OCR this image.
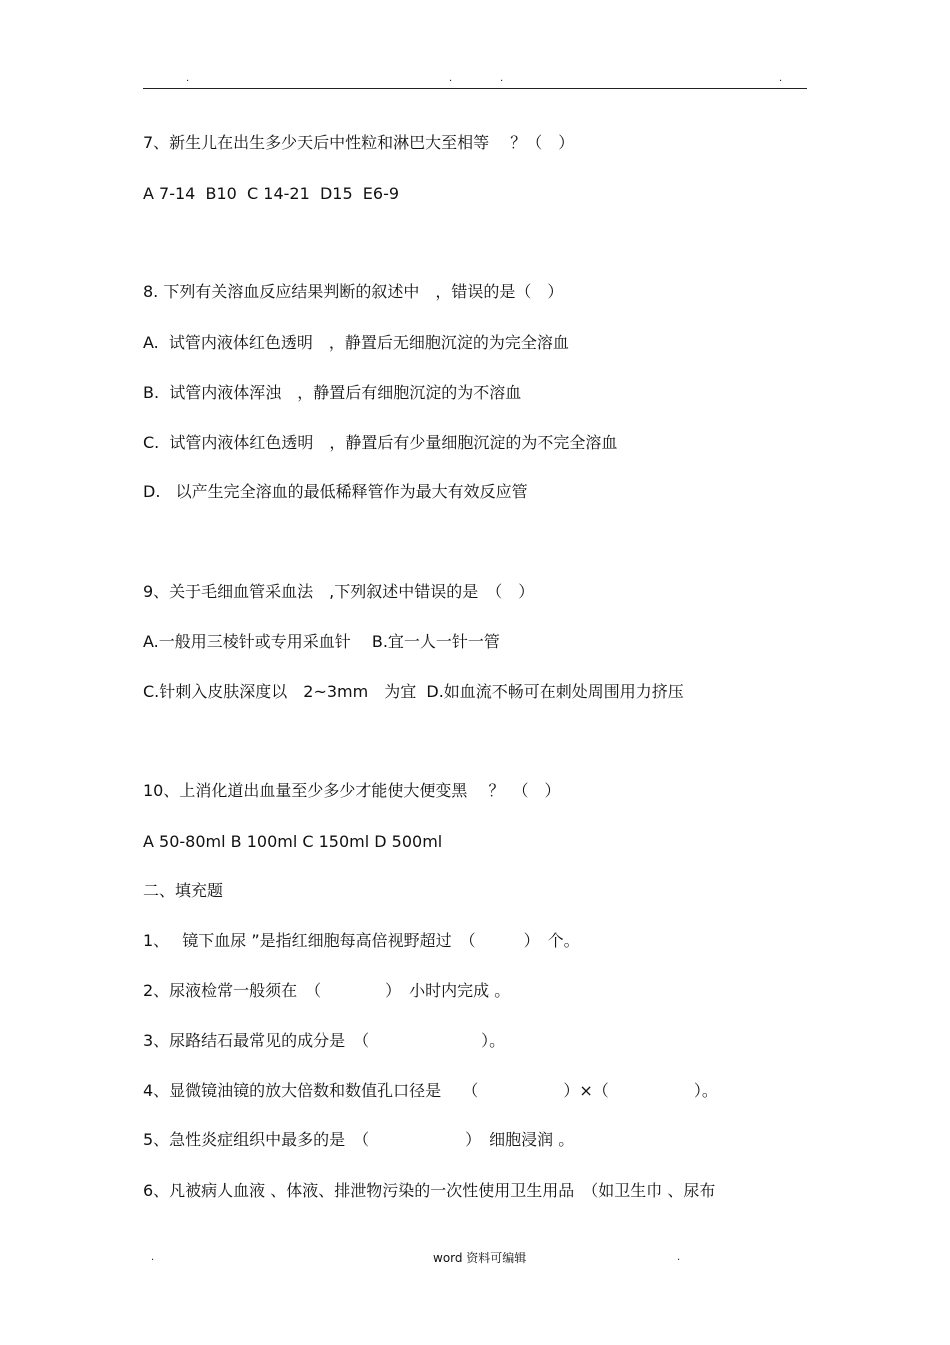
.	.	.	.
7、新生儿在出生多少天后中性粒和淋巴大至相等　 ？（　）
A 7-14  B10  C 14-21  D15  E6-9
8. 下列有关溶血反应结果判断的叙述中　，错误的是（　）
A.  试管内液体红色透明　，静置后无细胞沉淀的为完全溶血
B.  试管内液体浑浊　，静置后有细胞沉淀的为不溶血
C.  试管内液体红色透明　，静置后有少量细胞沉淀的为不完全溶血
D.   以产生完全溶血的最低稀释管作为最大有效反应管
9、关于毛细血管采血法　,下列叙述中错误的是　（　）
A.一般用三棱针或专用采血针　 B.宜一人一针一管
C.针刺入皮肤深度以　2~3mm　为宜  D.如血流不畅可在刺处周围用力挤压
10、上消化道出血量至少多少才能使大便变黑　 ？　（　）
A 50-80ml B 100ml C 150ml D 500ml
二、填充题
1、　 镜下血尿 ”是指红细胞每高倍视野超过　（　　　）　个。
2、尿液检常一般须在　（　　　　）　小时内完成 。
3、尿路结石最常见的成分是　（　　　　　　　）。
4、显微镜油镜的放大倍数和数值孔口径是　 （　　　　　 ）×（　　　　　 ）。
5、急性炎症组织中最多的是　（　　　　　　）　细胞浸润 。
6、凡被病人血液 、体液、排泄物污染的一次性使用卫生用品　（如卫生巾 、尿布
.	word 资料可编辑	.
